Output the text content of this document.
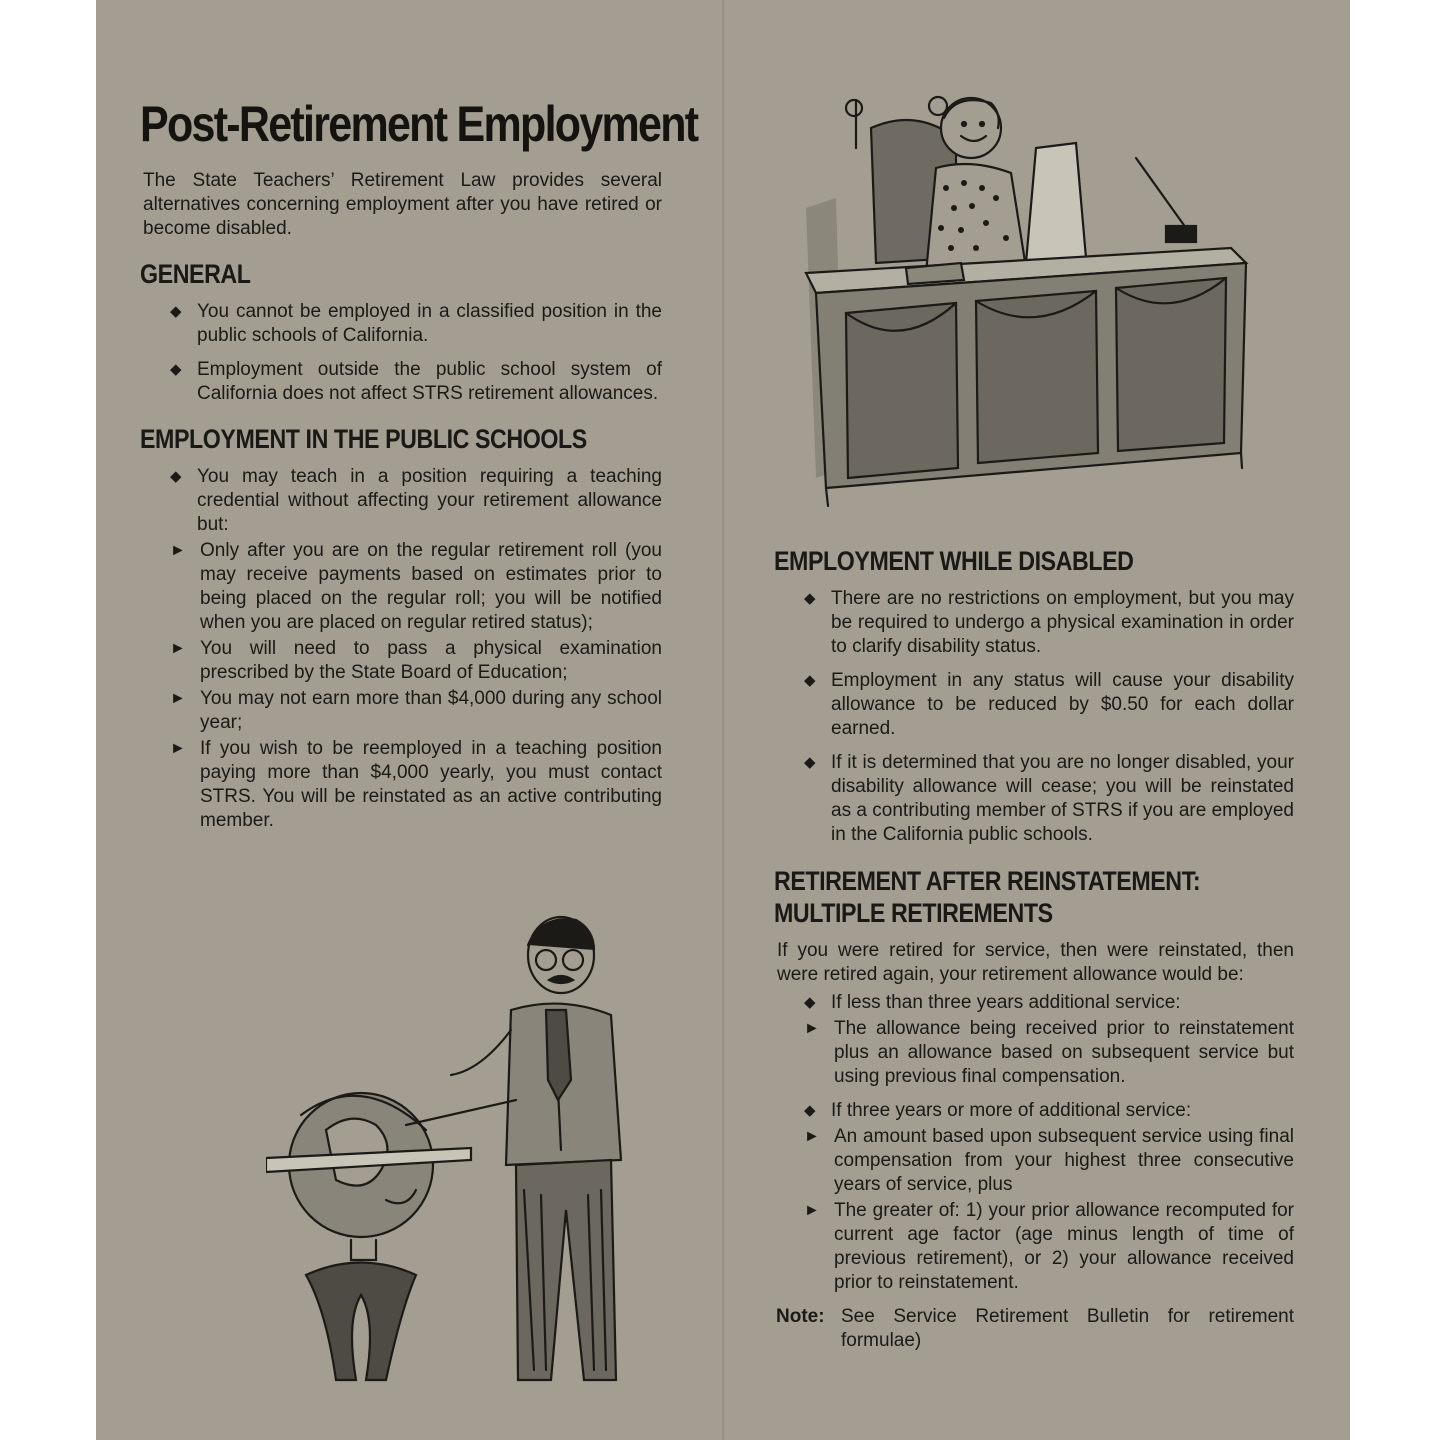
Post-Retirement Employment
The State Teachers’ Retirement Law provides several alternatives concerning employment after you have retired or become disabled.
GENERAL
◆ You cannot be employed in a classified position in the public schools of California.
◆ Employment outside the public school system of California does not affect STRS retirement allowances.
EMPLOYMENT IN THE PUBLIC SCHOOLS
◆ You may teach in a position requiring a teaching credential without affecting your retirement allowance but:
► Only after you are on the regular retirement roll (you may receive payments based on estimates prior to being placed on the regular roll; you will be notified when you are placed on regular retired status);
► You will need to pass a physical examination prescribed by the State Board of Education;
► You may not earn more than $4,000 during any school year;
► If you wish to be reemployed in a teaching position paying more than $4,000 yearly, you must contact STRS. You will be reinstated as an active contributing member.
EMPLOYMENT WHILE DISABLED
◆ There are no restrictions on employment, but you may be required to undergo a physical examination in order to clarify disability status.
◆ Employment in any status will cause your disability allowance to be reduced by $0.50 for each dollar earned.
◆ If it is determined that you are no longer disabled, your disability allowance will cease; you will be reinstated as a contributing member of STRS if you are employed in the California public schools.
RETIREMENT AFTER REINSTATEMENT:
MULTIPLE RETIREMENTS
If you were retired for service, then were reinstated, then were retired again, your retirement allowance would be:
◆ If less than three years additional service:
► The allowance being received prior to reinstatement plus an allowance based on subsequent service but using previous final compensation.
◆ If three years or more of additional service:
► An amount based upon subsequent service using final compensation from your highest three consecutive years of service, plus
► The greater of: 1) your prior allowance recomputed for current age factor (age minus length of time of previous retirement), or 2) your allowance received prior to reinstatement.
Note: See Service Retirement Bulletin for retirement formulae)
